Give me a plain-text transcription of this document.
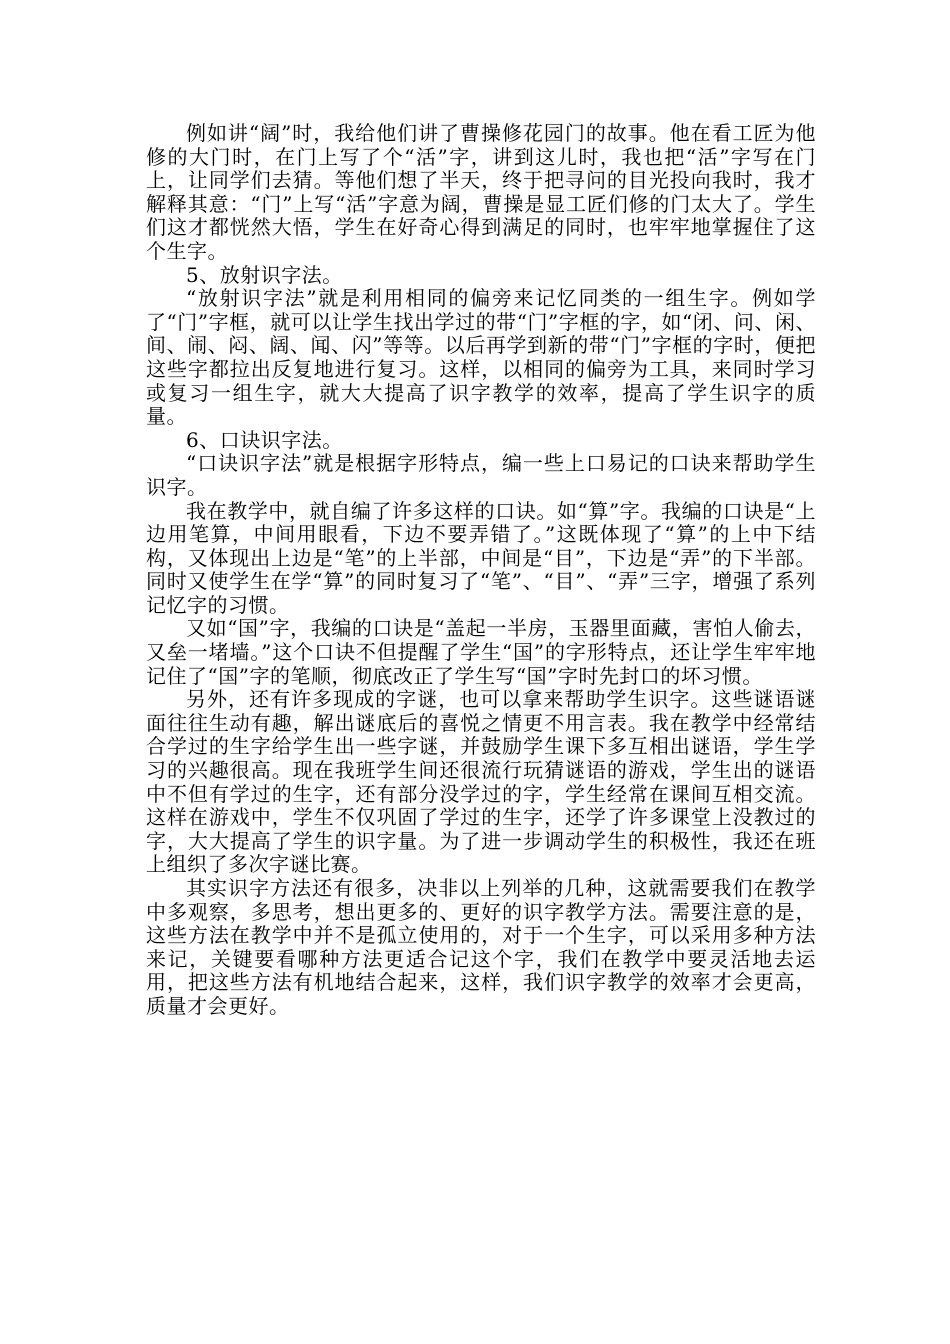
例如讲“阔”时，我给他们讲了曹操修花园门的故事。他在看工匠为他修的大门时，在门上写了个“活”字，讲到这儿时，我也把“活”字写在门上，让同学们去猜。等他们想了半天，终于把寻问的目光投向我时，我才解释其意：“门”上写“活”字意为阔，曹操是显工匠们修的门太大了。学生们这才都恍然大悟，学生在好奇心得到满足的同时，也牢牢地掌握住了这个生字。

5、放射识字法。

“放射识字法”就是利用相同的偏旁来记忆同类的一组生字。例如学了“门”字框，就可以让学生找出学过的带“门”字框的字，如“闭、问、闲、间、闹、闷、阔、闻、闪”等等。以后再学到新的带“门”字框的字时，便把这些字都拉出反复地进行复习。这样，以相同的偏旁为工具，来同时学习或复习一组生字，就大大提高了识字教学的效率，提高了学生识字的质量。

6、口诀识字法。

“口诀识字法”就是根据字形特点，编一些上口易记的口诀来帮助学生识字。

我在教学中，就自编了许多这样的口诀。如“算”字。我编的口诀是“上边用笔算，中间用眼看，下边不要弄错了。”这既体现了“算”的上中下结构，又体现出上边是“笔”的上半部，中间是“目”，下边是“弄”的下半部。同时又使学生在学“算”的同时复习了“笔”、“目”、“弄”三字，增强了系列记忆字的习惯。

又如“国”字，我编的口诀是“盖起一半房，玉器里面藏，害怕人偷去，又垒一堵墙。”这个口诀不但提醒了学生“国”的字形特点，还让学生牢牢地记住了“国”字的笔顺，彻底改正了学生写“国”字时先封口的坏习惯。

另外，还有许多现成的字谜，也可以拿来帮助学生识字。这些谜语谜面往往生动有趣，解出谜底后的喜悦之情更不用言表。我在教学中经常结合学过的生字给学生出一些字谜，并鼓励学生课下多互相出谜语，学生学习的兴趣很高。现在我班学生间还很流行玩猜谜语的游戏，学生出的谜语中不但有学过的生字，还有部分没学过的字，学生经常在课间互相交流。这样在游戏中，学生不仅巩固了学过的生字，还学了许多课堂上没教过的字，大大提高了学生的识字量。为了进一步调动学生的积极性，我还在班上组织了多次字谜比赛。

其实识字方法还有很多，决非以上列举的几种，这就需要我们在教学中多观察，多思考，想出更多的、更好的识字教学方法。需要注意的是，这些方法在教学中并不是孤立使用的，对于一个生字，可以采用多种方法来记，关键要看哪种方法更适合记这个字，我们在教学中要灵活地去运用，把这些方法有机地结合起来，这样，我们识字教学的效率才会更高，质量才会更好。
